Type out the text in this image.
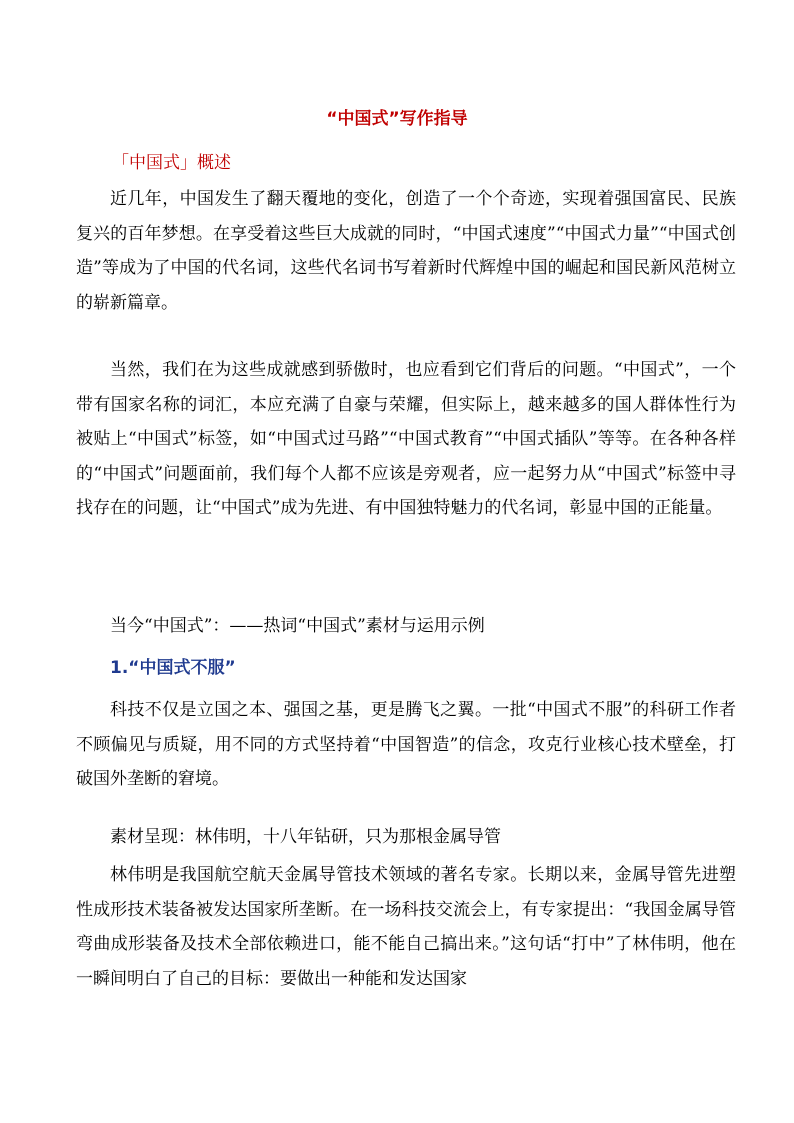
“中国式”写作指导
「中国式」概述

近几年，中国发生了翻天覆地的变化，创造了一个个奇迹，实现着强国富民、民族复兴的百年梦想。在享受着这些巨大成就的同时，“中国式速度”“中国式力量”“中国式创造”等成为了中国的代名词，这些代名词书写着新时代辉煌中国的崛起和国民新风范树立的崭新篇章。

当然，我们在为这些成就感到骄傲时，也应看到它们背后的问题。“中国式”，一个带有国家名称的词汇，本应充满了自豪与荣耀，但实际上，越来越多的国人群体性行为被贴上“中国式”标签，如“中国式过马路”“中国式教育”“中国式插队”等等。在各种各样的“中国式”问题面前，我们每个人都不应该是旁观者，应一起努力从“中国式”标签中寻找存在的问题，让“中国式”成为先进、有中国独特魅力的代名词，彰显中国的正能量。

当今“中国式”：——热词“中国式”素材与运用示例

1.“中国式不服”

科技不仅是立国之本、强国之基，更是腾飞之翼。一批“中国式不服”的科研工作者不顾偏见与质疑，用不同的方式坚持着“中国智造”的信念，攻克行业核心技术壁垒，打破国外垄断的窘境。

素材呈现：林伟明，十八年钻研，只为那根金属导管

林伟明是我国航空航天金属导管技术领域的著名专家。长期以来，金属导管先进塑性成形技术装备被发达国家所垄断。在一场科技交流会上，有专家提出：“我国金属导管弯曲成形装备及技术全部依赖进口，能不能自己搞出来。”这句话“打中”了林伟明，他在一瞬间明白了自己的目标：要做出一种能和发达国家
